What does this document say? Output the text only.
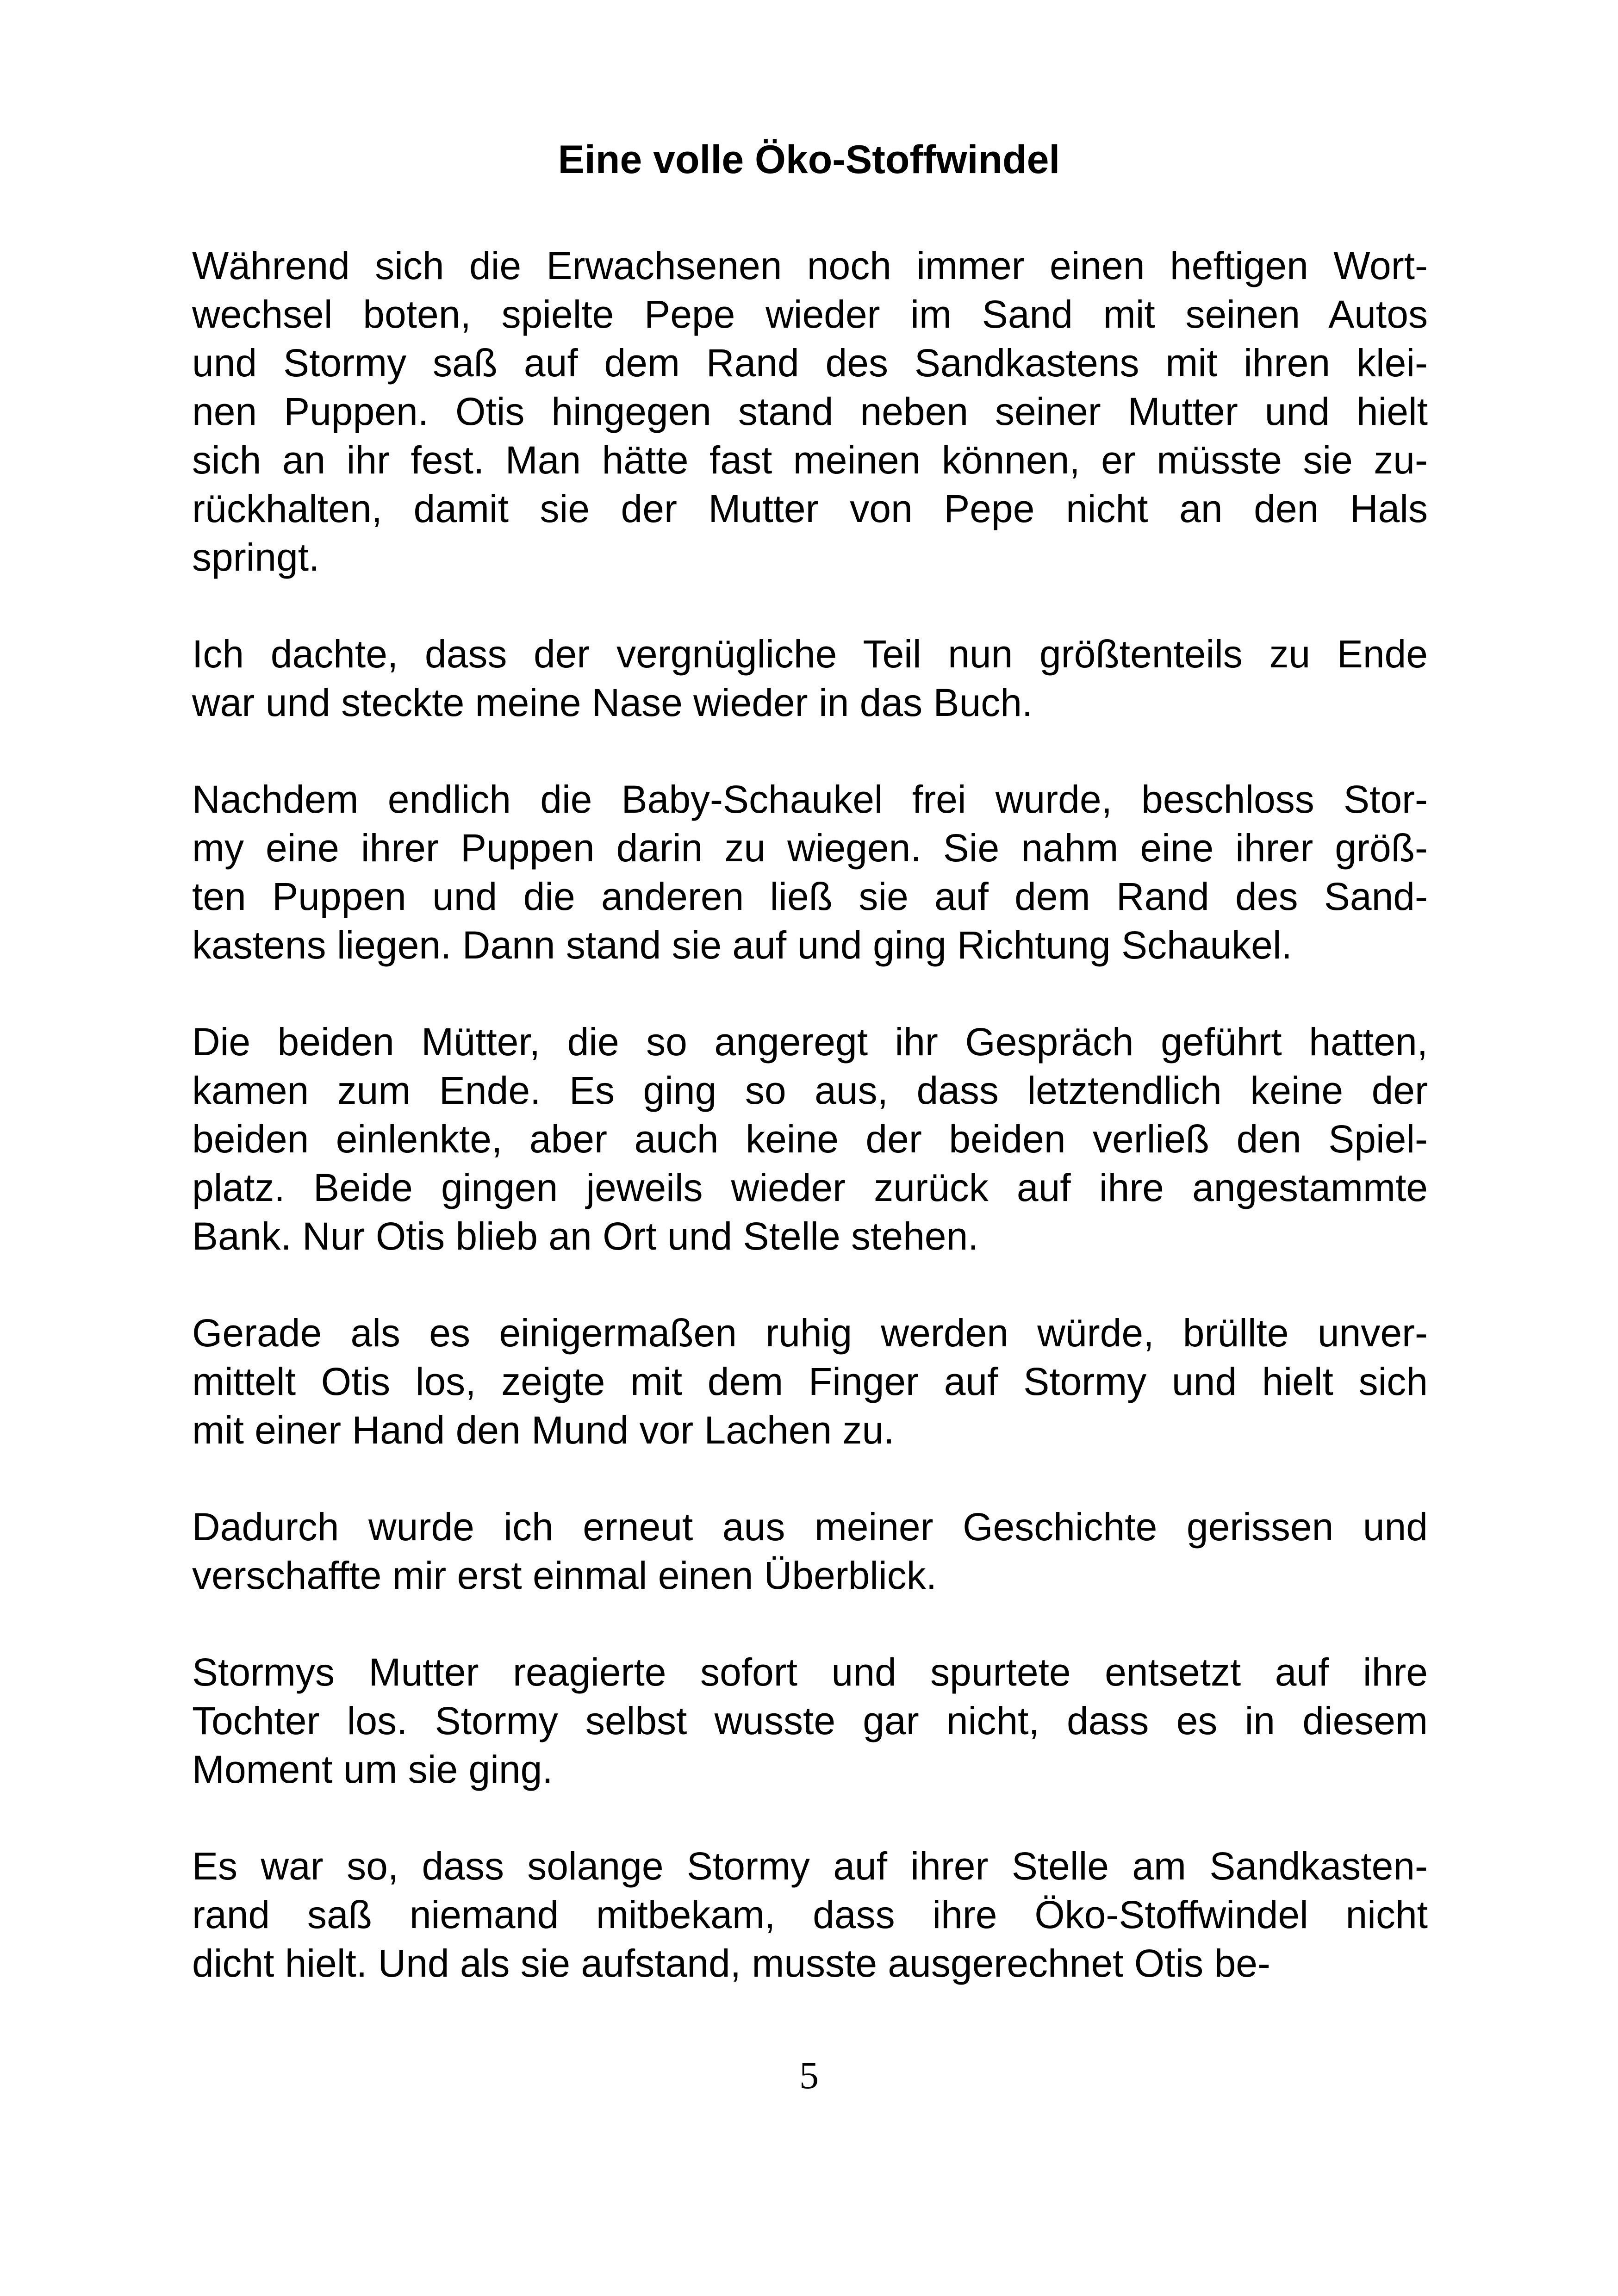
Eine volle Öko-Stoffwindel

Während sich die Erwachsenen noch immer einen heftigen Wort-
wechsel boten, spielte Pepe wieder im Sand mit seinen Autos
und Stormy saß auf dem Rand des Sandkastens mit ihren klei-
nen Puppen. Otis hingegen stand neben seiner Mutter und hielt
sich an ihr fest. Man hätte fast meinen können, er müsste sie zu-
rückhalten, damit sie der Mutter von Pepe nicht an den Hals
springt.

Ich dachte, dass der vergnügliche Teil nun größtenteils zu Ende
war und steckte meine Nase wieder in das Buch.

Nachdem endlich die Baby-Schaukel frei wurde, beschloss Stor-
my eine ihrer Puppen darin zu wiegen. Sie nahm eine ihrer größ-
ten Puppen und die anderen ließ sie auf dem Rand des Sand-
kastens liegen. Dann stand sie auf und ging Richtung Schaukel.

Die beiden Mütter, die so angeregt ihr Gespräch geführt hatten,
kamen zum Ende. Es ging so aus, dass letztendlich keine der
beiden einlenkte, aber auch keine der beiden verließ den Spiel-
platz. Beide gingen jeweils wieder zurück auf ihre angestammte
Bank. Nur Otis blieb an Ort und Stelle stehen.

Gerade als es einigermaßen ruhig werden würde, brüllte unver-
mittelt Otis los, zeigte mit dem Finger auf Stormy und hielt sich
mit einer Hand den Mund vor Lachen zu.

Dadurch wurde ich erneut aus meiner Geschichte gerissen und
verschaffte mir erst einmal einen Überblick.

Stormys Mutter reagierte sofort und spurtete entsetzt auf ihre
Tochter los. Stormy selbst wusste gar nicht, dass es in diesem
Moment um sie ging.

Es war so, dass solange Stormy auf ihrer Stelle am Sandkasten-
rand saß niemand mitbekam, dass ihre Öko-Stoffwindel nicht
dicht hielt. Und als sie aufstand, musste ausgerechnet Otis be-

5
